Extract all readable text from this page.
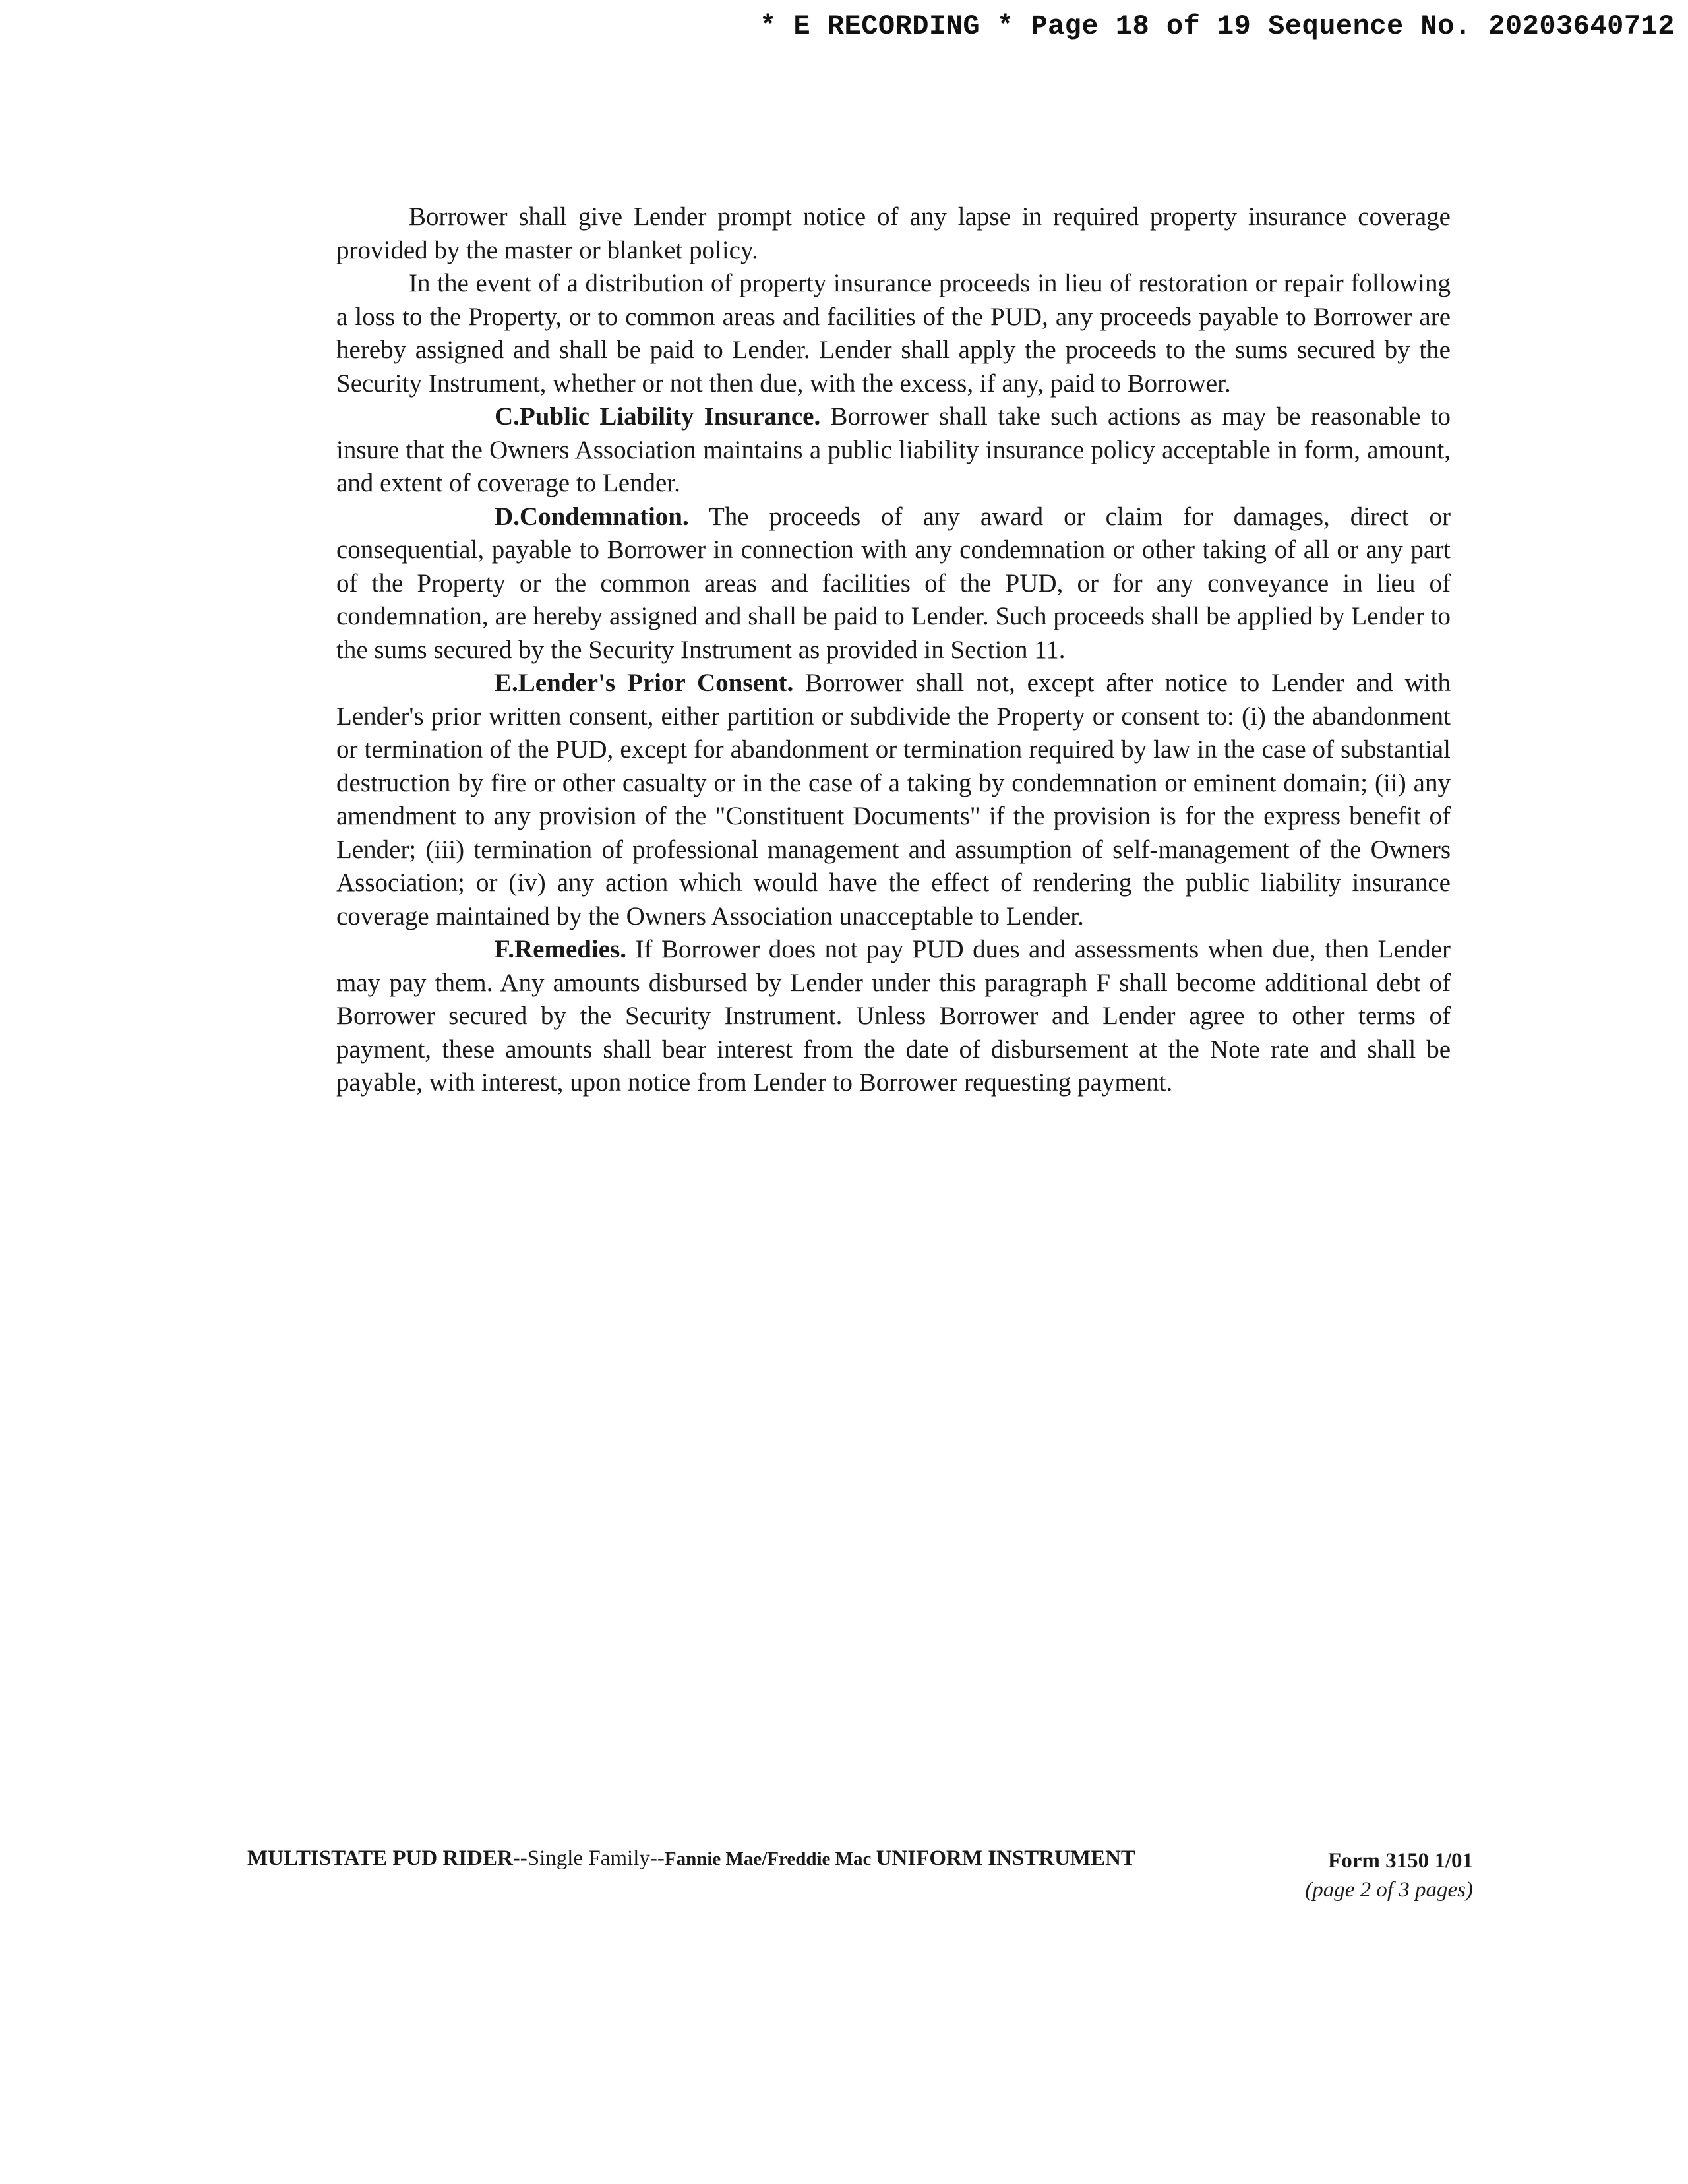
* E RECORDING * Page 18 of 19 Sequence No. 20203640712

Borrower shall give Lender prompt notice of any lapse in required property insurance coverage provided by the master or blanket policy.

In the event of a distribution of property insurance proceeds in lieu of restoration or repair following a loss to the Property, or to common areas and facilities of the PUD, any proceeds payable to Borrower are hereby assigned and shall be paid to Lender. Lender shall apply the proceeds to the sums secured by the Security Instrument, whether or not then due, with the excess, if any, paid to Borrower.

C.Public Liability Insurance. Borrower shall take such actions as may be reasonable to insure that the Owners Association maintains a public liability insurance policy acceptable in form, amount, and extent of coverage to Lender.

D.Condemnation. The proceeds of any award or claim for damages, direct or consequential, payable to Borrower in connection with any condemnation or other taking of all or any part of the Property or the common areas and facilities of the PUD, or for any conveyance in lieu of condemnation, are hereby assigned and shall be paid to Lender. Such proceeds shall be applied by Lender to the sums secured by the Security Instrument as provided in Section 11.

E.Lender's Prior Consent. Borrower shall not, except after notice to Lender and with Lender's prior written consent, either partition or subdivide the Property or consent to: (i) the abandonment or termination of the PUD, except for abandonment or termination required by law in the case of substantial destruction by fire or other casualty or in the case of a taking by condemnation or eminent domain; (ii) any amendment to any provision of the "Constituent Documents" if the provision is for the express benefit of Lender; (iii) termination of professional management and assumption of self-management of the Owners Association; or (iv) any action which would have the effect of rendering the public liability insurance coverage maintained by the Owners Association unacceptable to Lender.

F.Remedies. If Borrower does not pay PUD dues and assessments when due, then Lender may pay them. Any amounts disbursed by Lender under this paragraph F shall become additional debt of Borrower secured by the Security Instrument. Unless Borrower and Lender agree to other terms of payment, these amounts shall bear interest from the date of disbursement at the Note rate and shall be payable, with interest, upon notice from Lender to Borrower requesting payment.

MULTISTATE PUD RIDER--Single Family--Fannie Mae/Freddie Mac UNIFORM INSTRUMENT	Form 3150 1/01
(page 2 of 3 pages)
